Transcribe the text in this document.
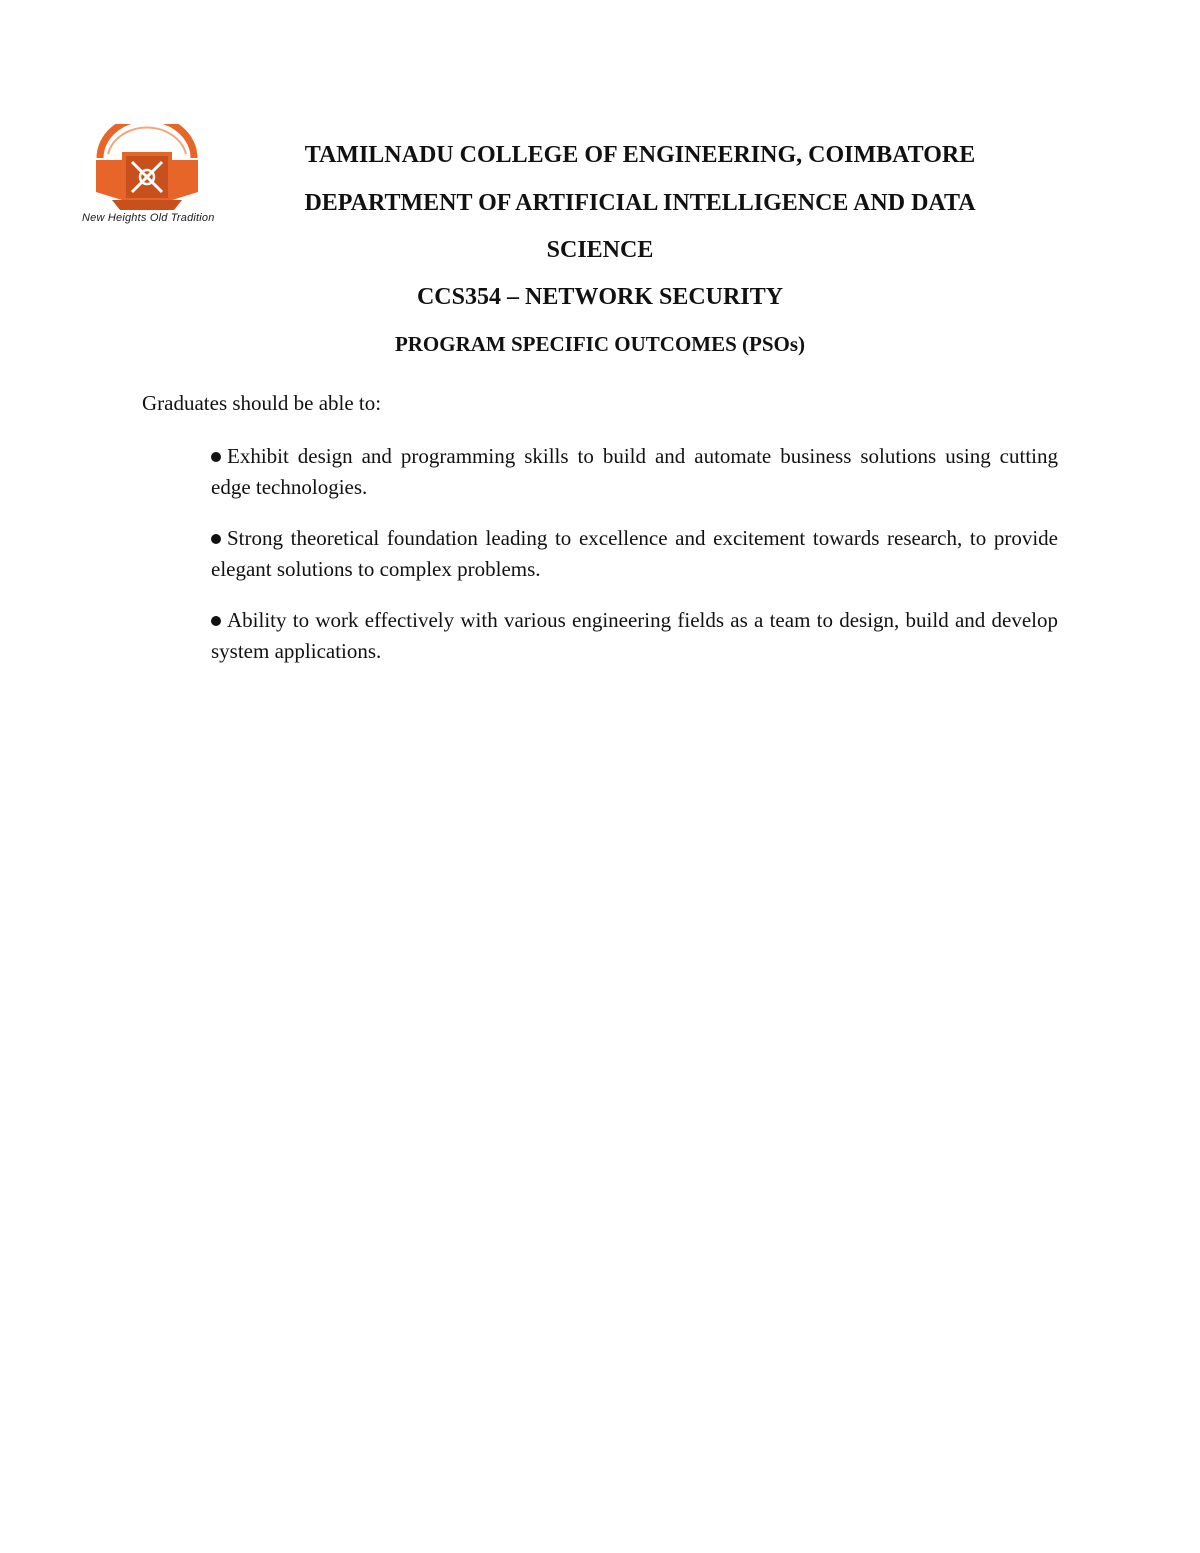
New Heights Old Tradition
TAMILNADU COLLEGE OF ENGINEERING, COIMBATORE
DEPARTMENT OF ARTIFICIAL INTELLIGENCE AND DATA
SCIENCE
CCS354 – NETWORK SECURITY
PROGRAM SPECIFIC OUTCOMES (PSOs)

Graduates should be able to:

Exhibit design and programming skills to build and automate business solutions using cutting edge technologies.
Strong theoretical foundation leading to excellence and excitement towards research, to provide elegant solutions to complex problems.
Ability to work effectively with various engineering fields as a team to design, build and develop system applications.
